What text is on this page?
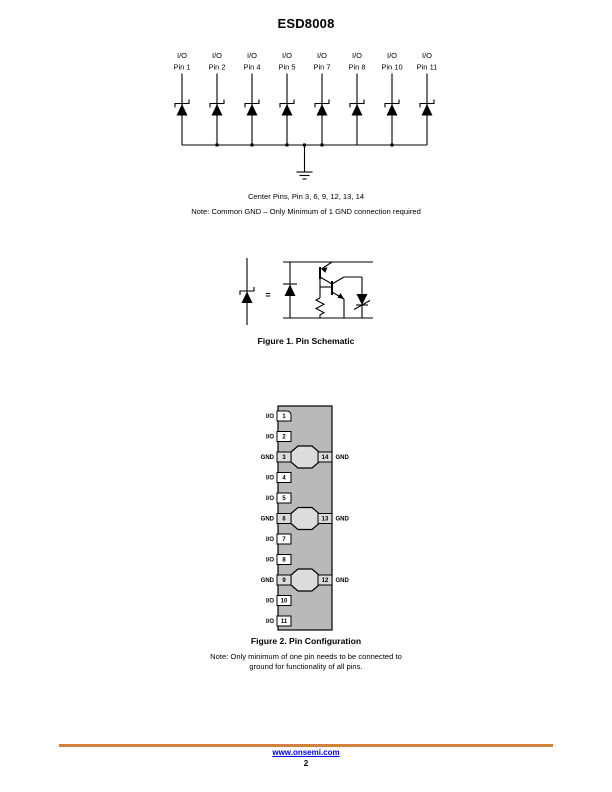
ESD8008
I/O
Pin 1
I/O
Pin 2
I/O
Pin 4
I/O
Pin 5
I/O
Pin 7
I/O
Pin 8
I/O
Pin 10
I/O
Pin 11
Center Pins, Pin 3, 6, 9, 12, 13, 14
Note: Common GND – Only Minimum of 1 GND connection required
=
Figure 1. Pin Schematic
1
2
3
4
5
6
7
8
9
10
11
I/O
I/O
GND
I/O
I/O
GND
I/O
I/O
GND
I/O
I/O
14
13
12
GND
GND
GND
Figure 2. Pin Configuration
Note: Only minimum of one pin needs to be connected to
ground for functionality of all pins.
www.onsemi.com
2
